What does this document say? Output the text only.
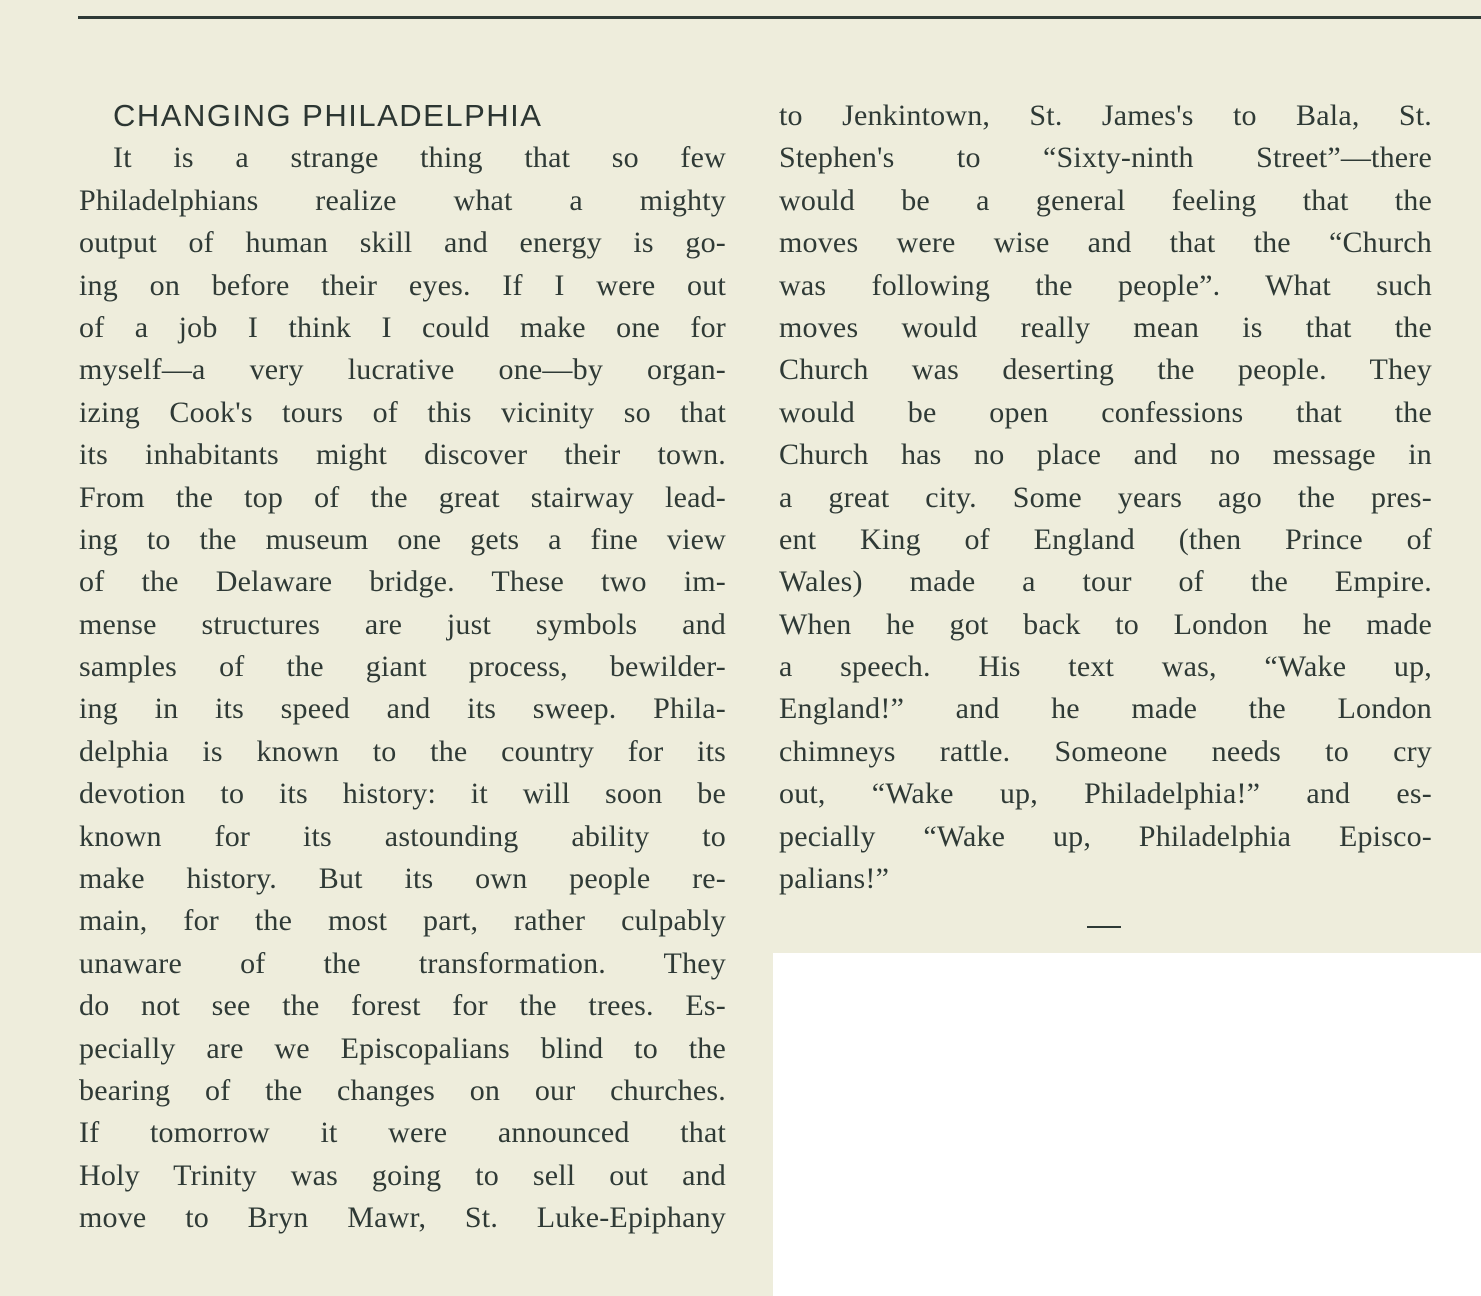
CHANGING PHILADELPHIA
It is a strange thing that so few
Philadelphians realize what a mighty
output of human skill and energy is go-
ing on before their eyes. If I were out
of a job I think I could make one for
myself—a very lucrative one—by organ-
izing Cook's tours of this vicinity so that
its inhabitants might discover their town.
From the top of the great stairway lead-
ing to the museum one gets a fine view
of the Delaware bridge. These two im-
mense structures are just symbols and
samples of the giant process, bewilder-
ing in its speed and its sweep. Phila-
delphia is known to the country for its
devotion to its history: it will soon be
known for its astounding ability to
make history. But its own people re-
main, for the most part, rather culpably
unaware of the transformation. They
do not see the forest for the trees. Es-
pecially are we Episcopalians blind to the
bearing of the changes on our churches.
If tomorrow it were announced that
Holy Trinity was going to sell out and
move to Bryn Mawr, St. Luke-Epiphany
to Jenkintown, St. James's to Bala, St.
Stephen's to “Sixty-ninth Street”—there
would be a general feeling that the
moves were wise and that the “Church
was following the people”. What such
moves would really mean is that the
Church was deserting the people. They
would be open confessions that the
Church has no place and no message in
a great city. Some years ago the pres-
ent King of England (then Prince of
Wales) made a tour of the Empire.
When he got back to London he made
a speech. His text was, “Wake up,
England!” and he made the London
chimneys rattle. Someone needs to cry
out, “Wake up, Philadelphia!” and es-
pecially “Wake up, Philadelphia Episco-
palians!”
